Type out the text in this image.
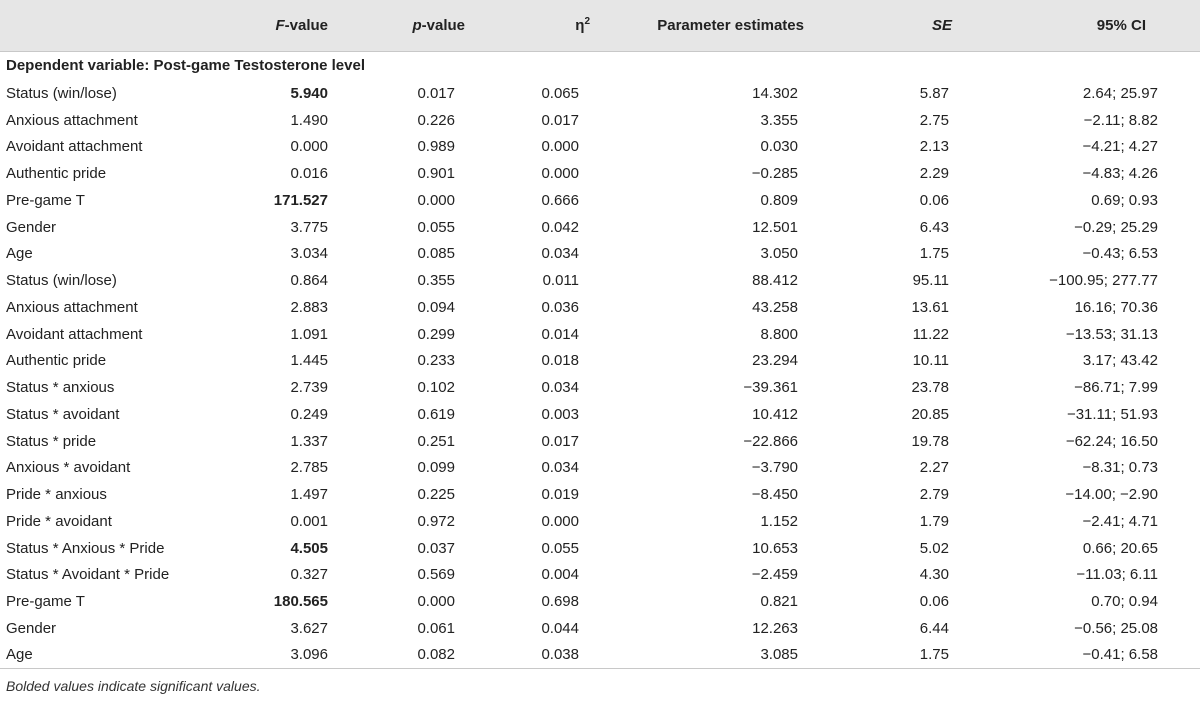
	F-value	p-value	$\eta^2$	Parameter estimates	SE	95% CI
Dependent variable: Post-game Testosterone level						
Status (win/lose)	5.940	0.017	0.065	14.302	5.87	2.64; 25.97
Anxious attachment	1.490	0.226	0.017	3.355	2.75	−2.11; 8.82
Avoidant attachment	0.000	0.989	0.000	0.030	2.13	−4.21; 4.27
Authentic pride	0.016	0.901	0.000	−0.285	2.29	−4.83; 4.26
Pre-game T	171.527	0.000	0.666	0.809	0.06	0.69; 0.93
Gender	3.775	0.055	0.042	12.501	6.43	−0.29; 25.29
Age	3.034	0.085	0.034	3.050	1.75	−0.43; 6.53
Status (win/lose)	0.864	0.355	0.011	88.412	95.11	−100.95; 277.77
Anxious attachment	2.883	0.094	0.036	43.258	13.61	16.16; 70.36
Avoidant attachment	1.091	0.299	0.014	8.800	11.22	−13.53; 31.13
Authentic pride	1.445	0.233	0.018	23.294	10.11	3.17; 43.42
Status * anxious	2.739	0.102	0.034	−39.361	23.78	−86.71; 7.99
Status * avoidant	0.249	0.619	0.003	10.412	20.85	−31.11; 51.93
Status * pride	1.337	0.251	0.017	−22.866	19.78	−62.24; 16.50
Anxious * avoidant	2.785	0.099	0.034	−3.790	2.27	−8.31; 0.73
Pride * anxious	1.497	0.225	0.019	−8.450	2.79	−14.00; −2.90
Pride * avoidant	0.001	0.972	0.000	1.152	1.79	−2.41; 4.71
Status * Anxious * Pride	4.505	0.037	0.055	10.653	5.02	0.66; 20.65
Status * Avoidant * Pride	0.327	0.569	0.004	−2.459	4.30	−11.03; 6.11
Pre-game T	180.565	0.000	0.698	0.821	0.06	0.70; 0.94
Gender	3.627	0.061	0.044	12.263	6.44	−0.56; 25.08
Age	3.096	0.082	0.038	3.085	1.75	−0.41; 6.58
Bolded values indicate significant values.
